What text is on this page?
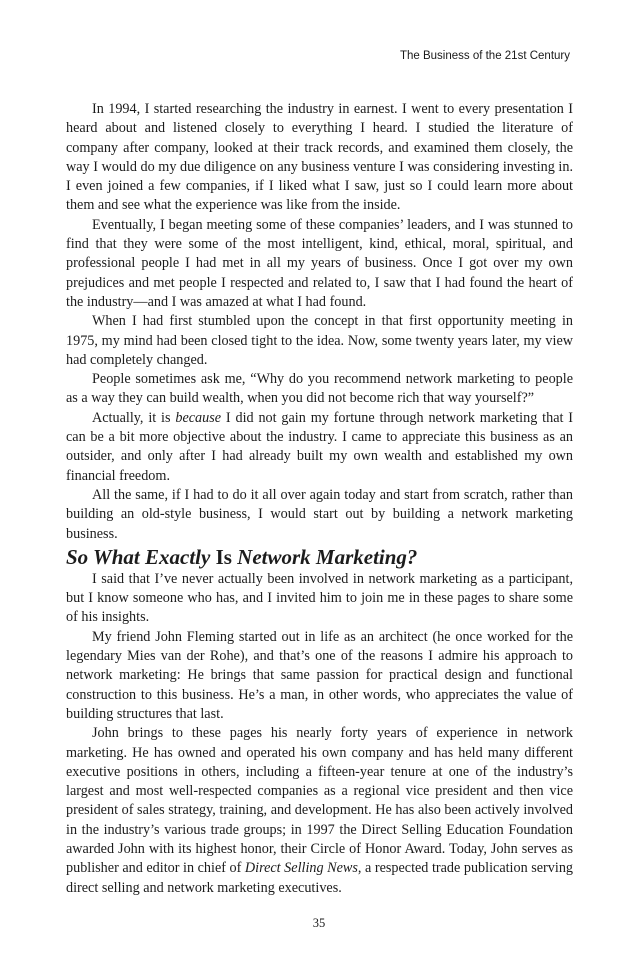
The Business of the 21st Century

In 1994, I started researching the industry in earnest. I went to every presentation I heard about and listened closely to everything I heard. I studied the literature of company after company, looked at their track records, and examined them closely, the way I would do my due diligence on any business venture I was considering investing in. I even joined a few companies, if I liked what I saw, just so I could learn more about them and see what the experience was like from the inside.

Eventually, I began meeting some of these companies’ leaders, and I was stunned to find that they were some of the most intelligent, kind, ethical, moral, spiritual, and professional people I had met in all my years of business. Once I got over my own prejudices and met people I respected and related to, I saw that I had found the heart of the industry—and I was amazed at what I had found.

When I had first stumbled upon the concept in that first opportunity meeting in 1975, my mind had been closed tight to the idea. Now, some twenty years later, my view had completely changed.

People sometimes ask me, “Why do you recommend network marketing to people as a way they can build wealth, when you did not become rich that way yourself?”

Actually, it is because I did not gain my fortune through network marketing that I can be a bit more objective about the industry. I came to appreciate this business as an outsider, and only after I had already built my own wealth and established my own financial freedom.

All the same, if I had to do it all over again today and start from scratch, rather than building an old-style business, I would start out by building a network marketing business.

So What Exactly Is Network Marketing?

I said that I’ve never actually been involved in network marketing as a participant, but I know someone who has, and I invited him to join me in these pages to share some of his insights.

My friend John Fleming started out in life as an architect (he once worked for the legendary Mies van der Rohe), and that’s one of the reasons I admire his approach to network marketing: He brings that same passion for practical design and functional construction to this business. He’s a man, in other words, who appreciates the value of building structures that last.

John brings to these pages his nearly forty years of experience in network marketing. He has owned and operated his own company and has held many different executive positions in others, including a fifteen-year tenure at one of the industry’s largest and most well-respected companies as a regional vice president and then vice president of sales strategy, training, and development. He has also been actively involved in the industry’s various trade groups; in 1997 the Direct Selling Education Foundation awarded John with its highest honor, their Circle of Honor Award. Today, John serves as publisher and editor in chief of Direct Selling News, a respected trade publication serving direct selling and network marketing executives.

35
